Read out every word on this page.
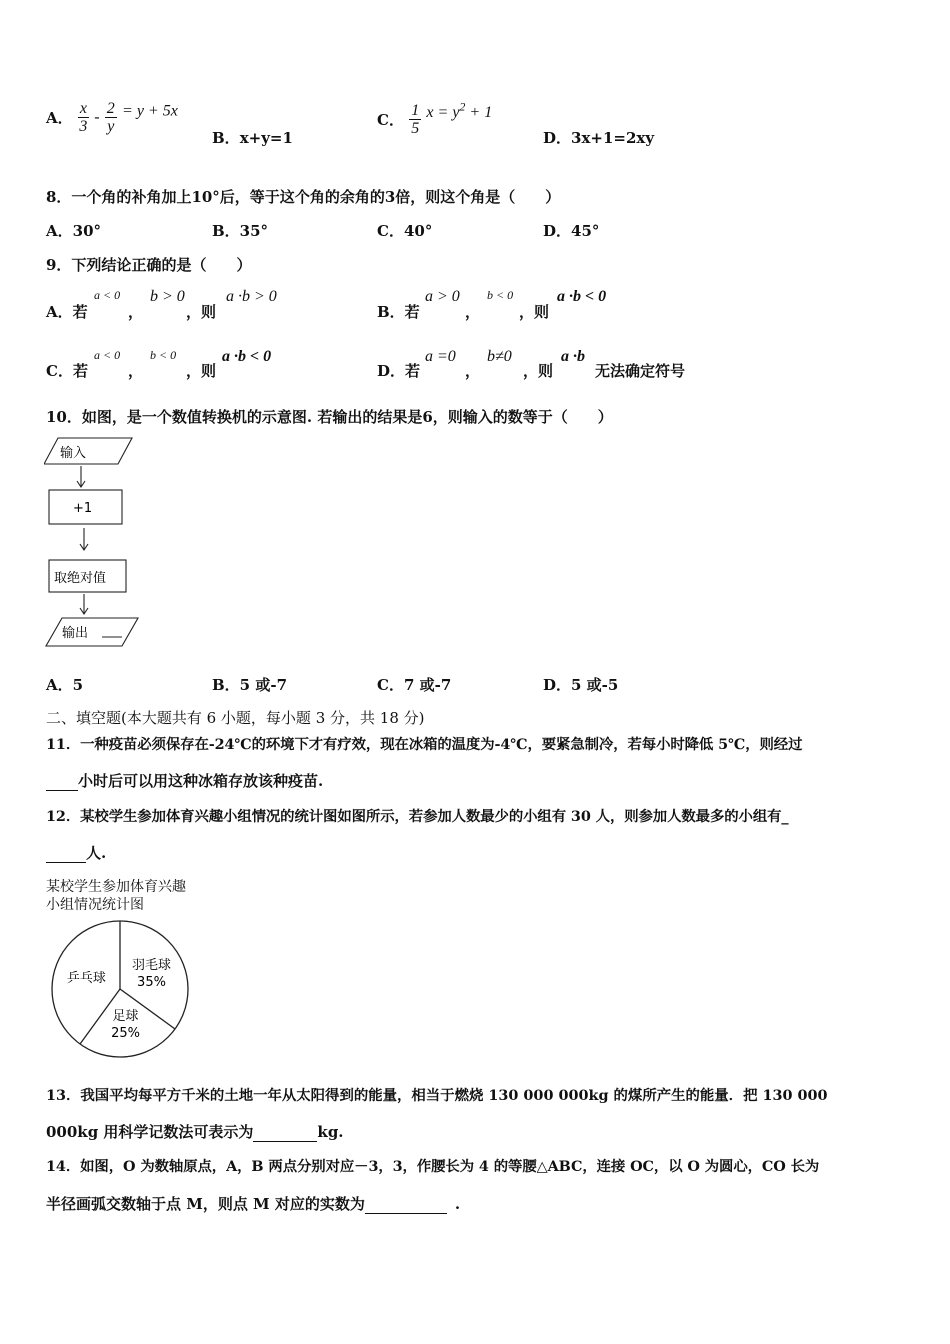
A． $\frac{x}{3} - \frac{2}{y} = y + 5x$
B．x+y=1
C． $\frac{1}{5}$ $x = y^2 + 1$
D．3x+1=2xy
8．一个角的补角加上10°后，等于这个角的余角的3倍，则这个角是（　　）
A．30°	B．35°	C．40°	D．45°
9．下列结论正确的是（　　）
A．若
a < 0
，
b > 0
，则
a ·b > 0
B．若
a > 0
，
b < 0
，则
a ·b < 0
C．若
a < 0
，
b < 0
，则
a ·b < 0
D．若
a =0
，
b≠0
，则
a ·b
无法确定符号
10．如图，是一个数值转换机的示意图. 若输出的结果是6，则输入的数等于（　　）
输入
+1
取绝对值
输出
A．5	B．5 或-7	C．7 或-7	D．5 或-5
二、填空题(本大题共有 6 小题，每小题 3 分，共 18 分)
11．一种疫苗必须保存在-24℃的环境下才有疗效，现在冰箱的温度为-4℃，要紧急制冷，若每小时降低 5℃，则经过
小时后可以用这种冰箱存放该种疫苗.
12．某校学生参加体育兴趣小组情况的统计图如图所示，若参加人数最少的小组有 30 人，则参加人数最多的小组有_
人.
某校学生参加体育兴趣
小组情况统计图
乒乓球
羽毛球
35%
足球
25%
13．我国平均每平方千米的土地一年从太阳得到的能量，相当于燃烧 130 000 000kg 的煤所产生的能量．把 130 000
000kg 用科学记数法可表示为	kg.
14．如图，O 为数轴原点，A，B 两点分别对应－3，3，作腰长为 4 的等腰△ABC，连接 OC，以 O 为圆心，CO 长为
半径画弧交数轴于点 M，则点 M 对应的实数为	.
